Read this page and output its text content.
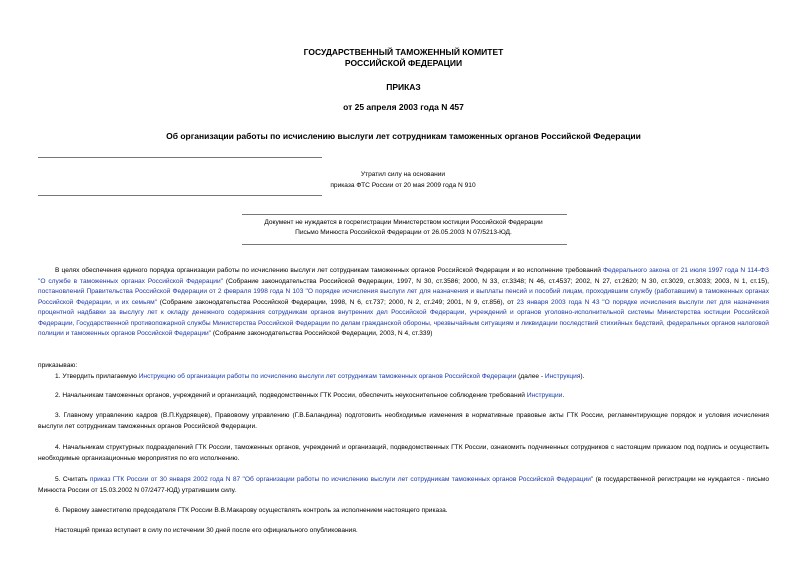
ГОСУДАРСТВЕННЫЙ ТАМОЖЕННЫЙ КОМИТЕТ
РОССИЙСКОЙ ФЕДЕРАЦИИ
ПРИКАЗ
от 25 апреля 2003 года N 457
Об организации работы по исчислению выслуги лет сотрудникам таможенных органов Российской Федерации
Утратил силу на основании
приказа ФТС России от 20 мая 2009 года N 910
Документ не нуждается в госрегистрации Министерством юстиции Российской Федерации
Письмо Минюста Российской Федерации от 26.05.2003 N 07/5213-ЮД.
В целях обеспечения единого порядка организации работы по исчислению выслуги лет сотрудникам таможенных органов Российской Федерации и во исполнение требований Федерального закона от 21 июля 1997 года N 114-ФЗ "О службе в таможенных органах Российской Федерации" (Собрание законодательства Российской Федерации, 1997, N 30, ст.3586; 2000, N 33, ст.3348; N 46, ст.4537; 2002, N 27, ст.2620; N 30, ст.3029, ст.3033; 2003, N 1, ст.15), постановлений Правительства Российской Федерации от 2 февраля 1998 года N 103 "О порядке исчисления выслуги лет для назначения и выплаты пенсий и пособий лицам, проходившим службу (работавшим) в таможенных органах Российской Федерации, и их семьям" (Собрание законодательства Российской Федерации, 1998, N 6, ст.737; 2000, N 2, ст.249; 2001, N 9, ст.856), от 23 января 2003 года N 43 "О порядке исчисления выслуги лет для назначения процентной надбавки за выслугу лет к окладу денежного содержания сотрудникам органов внутренних дел Российской Федерации, учреждений и органов уголовно-исполнительной системы Министерства юстиции Российской Федерации, Государственной противопожарной службы Министерства Российской Федерации по делам гражданской обороны, чрезвычайным ситуациям и ликвидации последствий стихийных бедствий, федеральных органов налоговой полиции и таможенных органов Российской Федерации" (Собрание законодательства Российской Федерации, 2003, N 4, ст.339)
приказываю:
1. Утвердить прилагаемую Инструкцию об организации работы по исчислению выслуги лет сотрудникам таможенных органов Российской Федерации (далее - Инструкция).
2. Начальникам таможенных органов, учреждений и организаций, подведомственных ГТК России, обеспечить неукоснительное соблюдение требований Инструкции.
3. Главному управлению кадров (В.П.Кудрявцев), Правовому управлению (Г.В.Баландина) подготовить необходимые изменения в нормативные правовые акты ГТК России, регламентирующие порядок и условия исчисления выслуги лет сотрудникам таможенных органов Российской Федерации.
4. Начальникам структурных подразделений ГТК России, таможенных органов, учреждений и организаций, подведомственных ГТК России, ознакомить подчиненных сотрудников с настоящим приказом под подпись и осуществить необходимые организационные мероприятия по его исполнению.
5. Считать приказ ГТК России от 30 января 2002 года N 87 "Об организации работы по исчислению выслуги лет сотрудникам таможенных органов Российской Федерации" (в государственной регистрации не нуждается - письмо Минюста России от 15.03.2002 N 07/2477-ЮД) утратившим силу.
6. Первому заместителю председателя ГТК России В.В.Макарову осуществлять контроль за исполнением настоящего приказа.
Настоящий приказ вступает в силу по истечении 30 дней после его официального опубликования.
